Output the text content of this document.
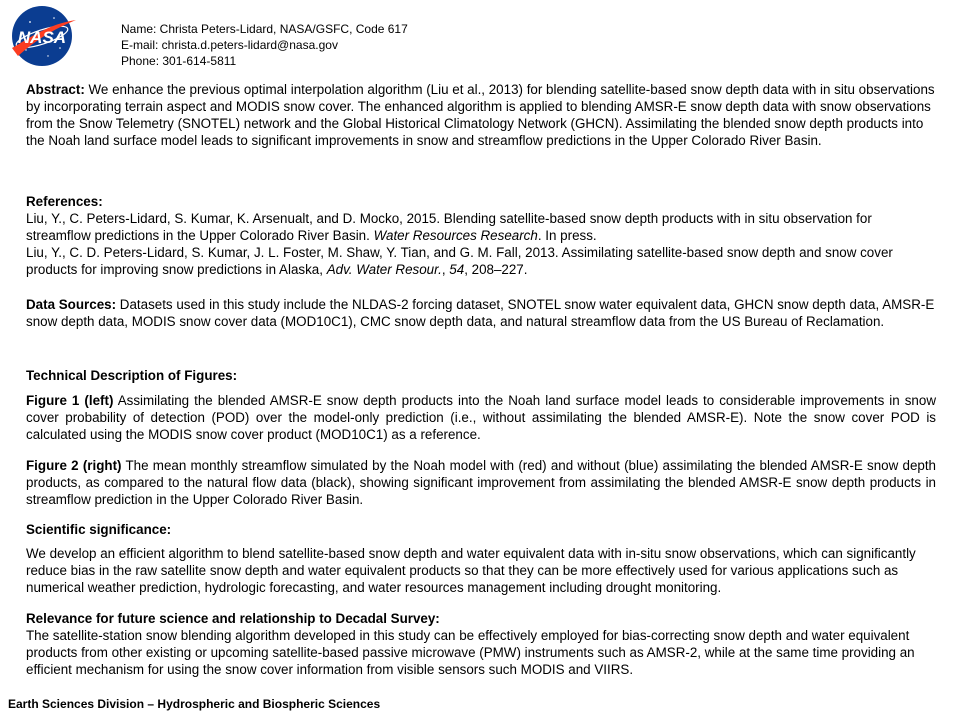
NASA	Name: Christa Peters-Lidard, NASA/GSFC, Code 617
E-mail: christa.d.peters-lidard@nasa.gov
Phone: 301-614-5811

Abstract: We enhance the previous optimal interpolation algorithm (Liu et al., 2013) for blending satellite-based snow depth data with in situ observations by incorporating terrain aspect and MODIS snow cover. The enhanced algorithm is applied to blending AMSR-E snow depth data with snow observations from the Snow Telemetry (SNOTEL) network and the Global Historical Climatology Network (GHCN). Assimilating the blended snow depth products into the Noah land surface model leads to significant improvements in snow and streamflow predictions in the Upper Colorado River Basin.

References:

Liu, Y., C. Peters-Lidard, S. Kumar, K. Arsenualt, and D. Mocko, 2015. Blending satellite-based snow depth products with in situ observation for streamflow predictions in the Upper Colorado River Basin. Water Resources Research. In press.

Liu, Y., C. D. Peters-Lidard, S. Kumar, J. L. Foster, M. Shaw, Y. Tian, and G. M. Fall, 2013. Assimilating satellite-based snow depth and snow cover products for improving snow predictions in Alaska, Adv. Water Resour., 54, 208–227.

Data Sources: Datasets used in this study include the NLDAS-2 forcing dataset, SNOTEL snow water equivalent data, GHCN snow depth data, AMSR-E snow depth data, MODIS snow cover data (MOD10C1), CMC snow depth data, and natural streamflow data from the US Bureau of Reclamation.

Technical Description of Figures:

Figure 1 (left) Assimilating the blended AMSR-E snow depth products into the Noah land surface model leads to considerable improvements in snow cover probability of detection (POD) over the model-only prediction (i.e., without assimilating the blended AMSR-E). Note the snow cover POD is calculated using the MODIS snow cover product (MOD10C1) as a reference.

Figure 2 (right) The mean monthly streamflow simulated by the Noah model with (red) and without (blue) assimilating the blended AMSR-E snow depth products, as compared to the natural flow data (black), showing significant improvement from assimilating the blended AMSR-E snow depth products in streamflow prediction in the Upper Colorado River Basin.

Scientific significance:
We develop an efficient algorithm to blend satellite-based snow depth and water equivalent data with in-situ snow observations, which can significantly reduce bias in the raw satellite snow depth and water equivalent products so that they can be more effectively used for various applications such as numerical weather prediction, hydrologic forecasting, and water resources management including drought monitoring.
Relevance for future science and relationship to Decadal Survey:
The satellite-station snow blending algorithm developed in this study can be effectively employed for bias-correcting snow depth and water equivalent products from other existing or upcoming satellite-based passive microwave (PMW) instruments such as AMSR-2, while at the same time providing an efficient mechanism for using the snow cover information from visible sensors such MODIS and VIIRS.
Earth Sciences Division – Hydrospheric and Biospheric Sciences
